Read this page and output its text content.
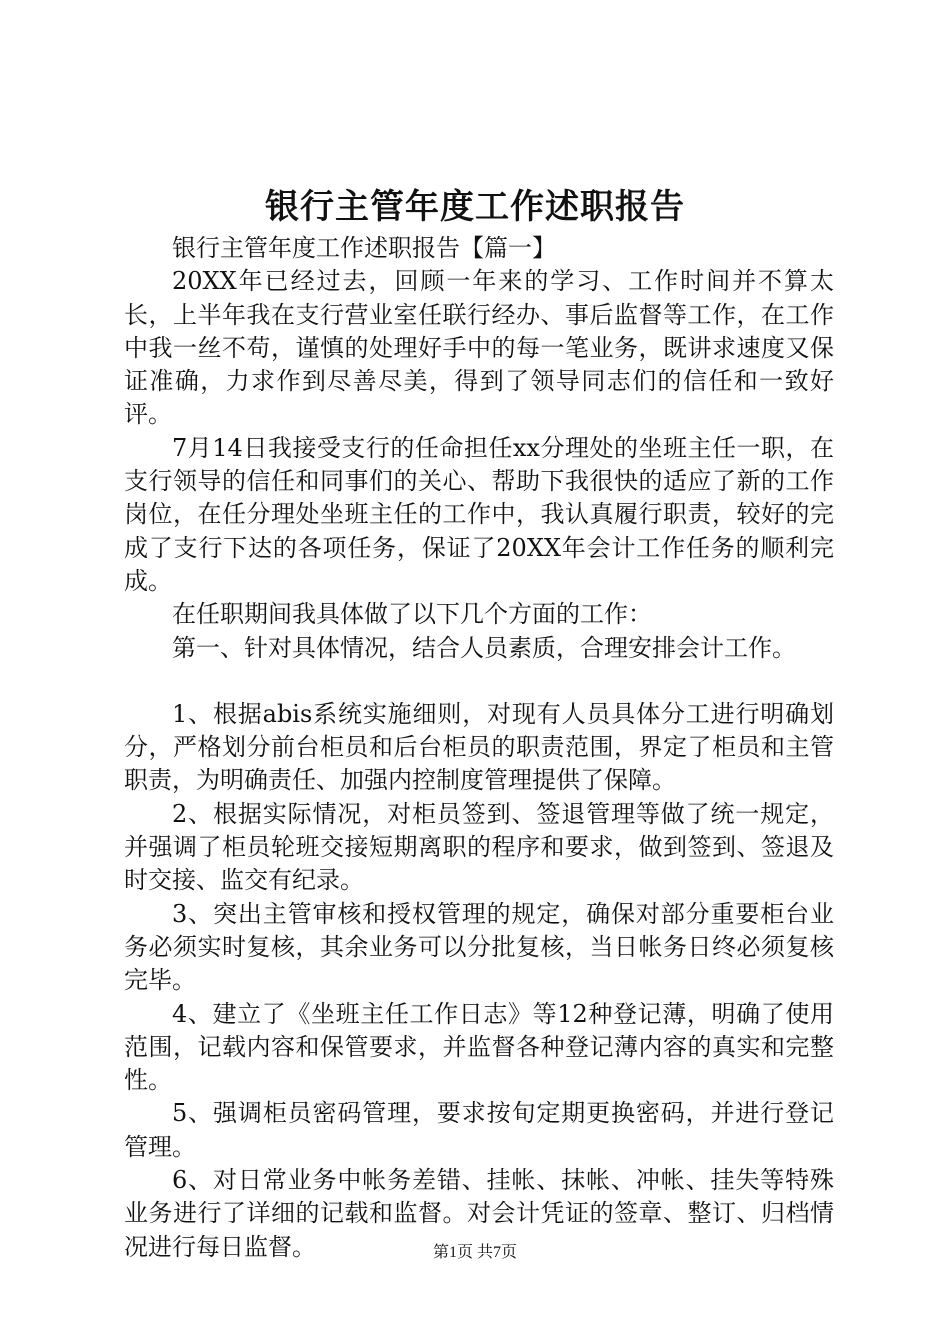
银行主管年度工作述职报告

银行主管年度工作述职报告【篇一】

20XX年已经过去，回顾一年来的学习、工作时间并不算太长，上半年我在支行营业室任联行经办、事后监督等工作，在工作中我一丝不苟，谨慎的处理好手中的每一笔业务，既讲求速度又保证准确，力求作到尽善尽美，得到了领导同志们的信任和一致好评。

7月14日我接受支行的任命担任xx分理处的坐班主任一职，在支行领导的信任和同事们的关心、帮助下我很快的适应了新的工作岗位，在任分理处坐班主任的工作中，我认真履行职责，较好的完成了支行下达的各项任务，保证了20XX年会计工作任务的顺利完成。

在任职期间我具体做了以下几个方面的工作：

第一、针对具体情况，结合人员素质，合理安排会计工作。

1、根据abis系统实施细则，对现有人员具体分工进行明确划分，严格划分前台柜员和后台柜员的职责范围，界定了柜员和主管职责，为明确责任、加强内控制度管理提供了保障。

2、根据实际情况，对柜员签到、签退管理等做了统一规定，并强调了柜员轮班交接短期离职的程序和要求，做到签到、签退及时交接、监交有纪录。

3、突出主管审核和授权管理的规定，确保对部分重要柜台业务必须实时复核，其余业务可以分批复核，当日帐务日终必须复核完毕。

4、建立了《坐班主任工作日志》等12种登记薄，明确了使用范围，记载内容和保管要求，并监督各种登记薄内容的真实和完整性。

5、强调柜员密码管理，要求按旬定期更换密码，并进行登记管理。

6、对日常业务中帐务差错、挂帐、抹帐、冲帐、挂失等特殊业务进行了详细的记载和监督。对会计凭证的签章、整订、归档情况进行每日监督。	第1页 共7页
